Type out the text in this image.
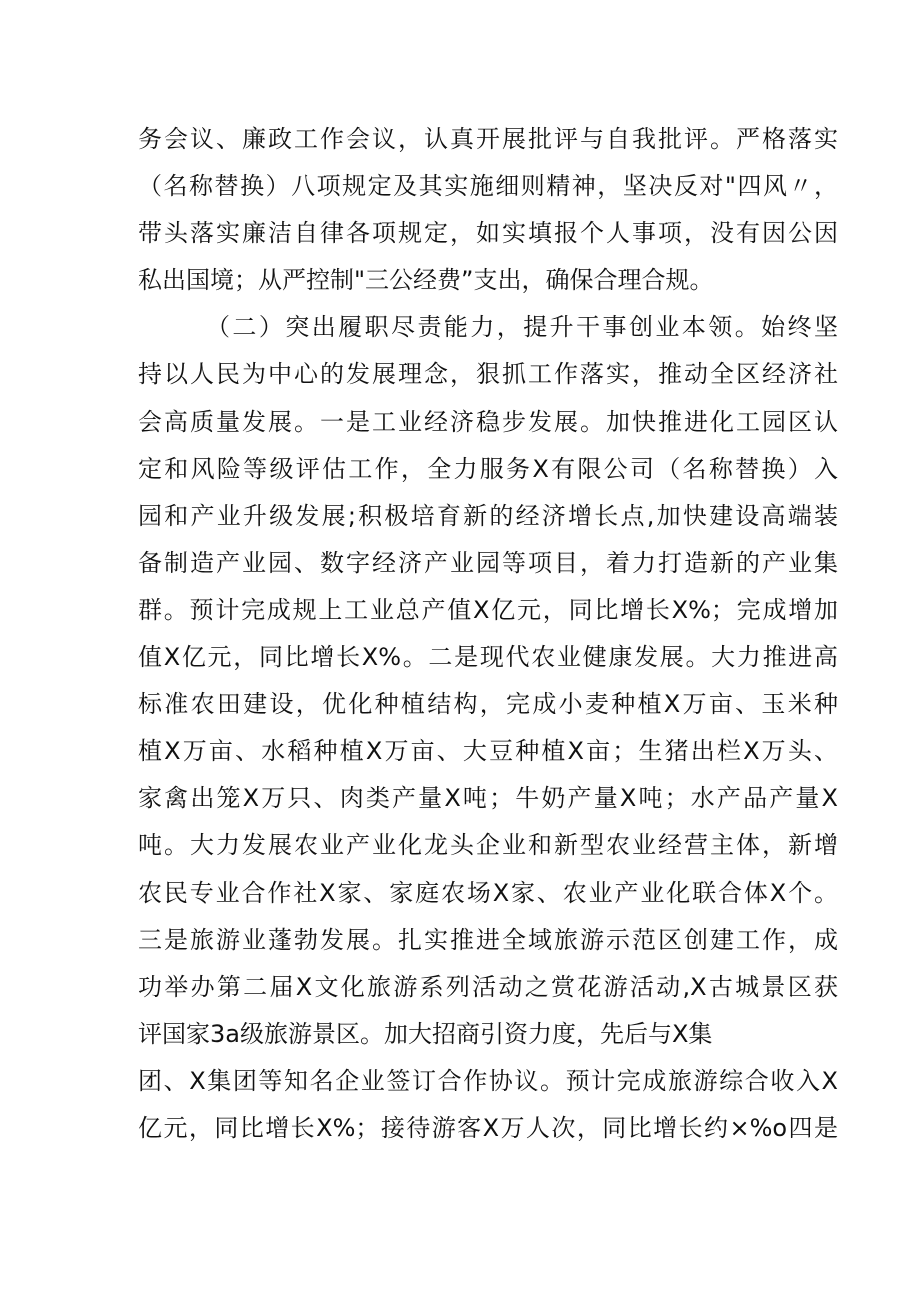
务会议、廉政工作会议，认真开展批评与自我批评。严格落实
（名称替换）八项规定及其实施细则精神，坚决反对"四风〃，
带头落实廉洁自律各项规定，如实填报个人事项，没有因公因
私出国境；从严控制"三公经费”支出，确保合理合规。
（二）突出履职尽责能力，提升干事创业本领。始终坚
持以人民为中心的发展理念，狠抓工作落实，推动全区经济社
会高质量发展。一是工业经济稳步发展。加快推进化工园区认
定和风险等级评估工作，全力服务X有限公司（名称替换）入
园和产业升级发展;积极培育新的经济增长点,加快建设高端装
备制造产业园、数字经济产业园等项目，着力打造新的产业集
群。预计完成规上工业总产值X亿元，同比增长X%；完成增加
值X亿元，同比增长X%。二是现代农业健康发展。大力推进高
标准农田建设，优化种植结构，完成小麦种植X万亩、玉米种
植X万亩、水稻种植X万亩、大豆种植X亩；生猪出栏X万头、
家禽出笼X万只、肉类产量X吨；牛奶产量X吨；水产品产量X
吨。大力发展农业产业化龙头企业和新型农业经营主体，新增
农民专业合作社X家、家庭农场X家、农业产业化联合体X个。
三是旅游业蓬勃发展。扎实推进全域旅游示范区创建工作，成
功举办第二届X文化旅游系列活动之赏花游活动,X古城景区获
评国家3a级旅游景区。加大招商引资力度，先后与X集
团、X集团等知名企业签订合作协议。预计完成旅游综合收入X
亿元，同比增长X%；接待游客X万人次，同比增长约×%o四是
